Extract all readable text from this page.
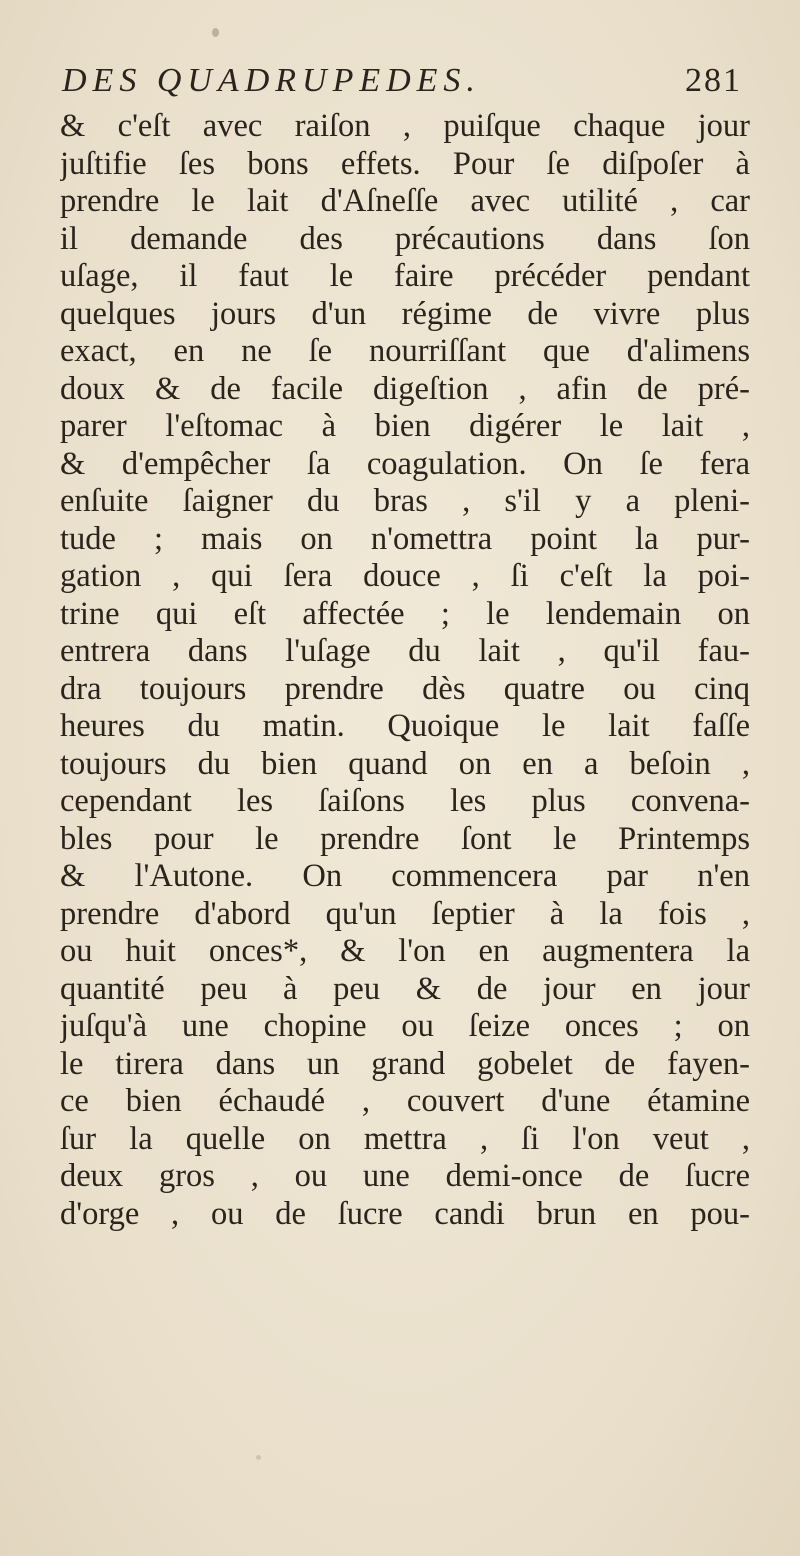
DES QUADRUPEDES.	281
& c'eſt avec raiſon , puiſque chaque jour
juſtifie ſes bons effets. Pour ſe diſpoſer à
prendre le lait d'Aſneſſe avec utilité , car
il demande des précautions dans ſon
uſage, il faut le faire précéder pendant
quelques jours d'un régime de vivre plus
exact, en ne ſe nourriſſant que d'alimens
doux & de facile digeſtion , afin de pré-
parer l'eſtomac à bien digérer le lait ,
& d'empêcher ſa coagulation. On ſe fera
enſuite ſaigner du bras , s'il y a pleni-
tude ; mais on n'omettra point la pur-
gation , qui ſera douce , ſi c'eſt la poi-
trine qui eſt affectée ; le lendemain on
entrera dans l'uſage du lait , qu'il fau-
dra toujours prendre dès quatre ou cinq
heures du matin. Quoique le lait faſſe
toujours du bien quand on en a beſoin ,
cependant les ſaiſons les plus convena-
bles pour le prendre ſont le Printemps
& l'Autone. On commencera par n'en
prendre d'abord qu'un ſeptier à la fois ,
ou huit onces*, & l'on en augmentera la
quantité peu à peu & de jour en jour
juſqu'à une chopine ou ſeize onces ; on
le tirera dans un grand gobelet de fayen-
ce bien échaudé , couvert d'une étamine
ſur la quelle on mettra , ſi l'on veut ,
deux gros , ou une demi-once de ſucre
d'orge , ou de ſucre candi brun en pou-
